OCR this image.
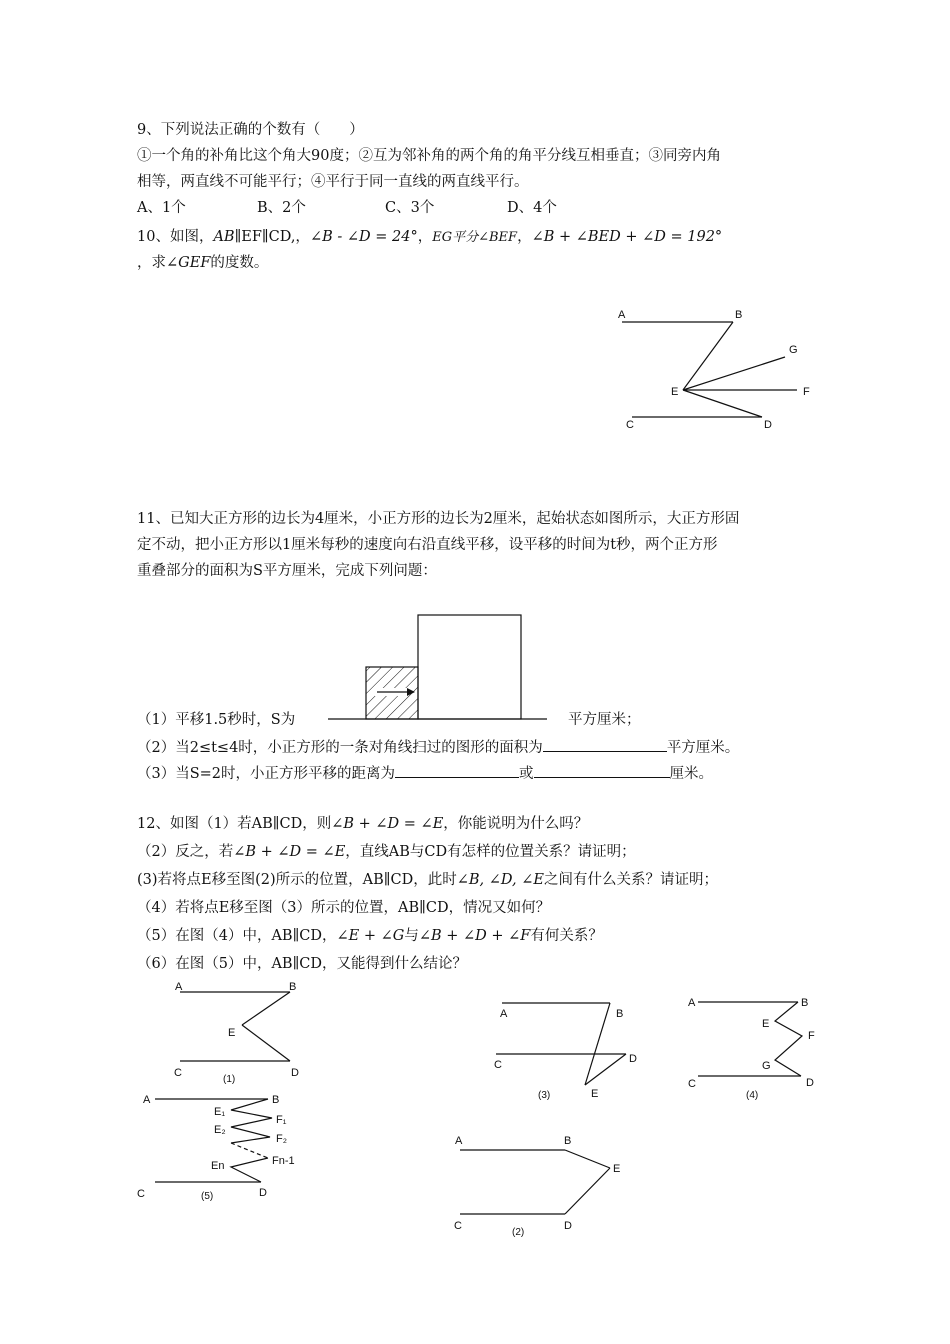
9、下列说法正确的个数有（　　）
①一个角的补角比这个角大90度；②互为邻补角的两个角的角平分线互相垂直；③同旁内角
相等，两直线不可能平行；④平行于同一直线的两直线平行。
A、1个	B、2个	C、3个	D、4个
10、如图，AB∥EF∥CD,，∠B - ∠D = 24°，EG平分∠BEF，∠B + ∠BED + ∠D = 192°
，求∠GEF的度数。
A	B
G
E	F
C	D
11、已知大正方形的边长为4厘米，小正方形的边长为2厘米，起始状态如图所示，大正方形固
定不动，把小正方形以1厘米每秒的速度向右沿直线平移，设平移的时间为t秒，两个正方形
重叠部分的面积为S平方厘米，完成下列问题：
（1）平移1.5秒时，S为	平方厘米；
（2）当2≤t≤4时，小正方形的一条对角线扫过的图形的面积为	平方厘米。
（3）当S=2时，小正方形平移的距离为	或	厘米。
12、如图（1）若AB∥CD，则∠B + ∠D = ∠E，你能说明为什么吗？
（2）反之，若∠B + ∠D = ∠E，直线AB与CD有怎样的位置关系？请证明；
(3)若将点E移至图(2)所示的位置，AB∥CD，此时∠B, ∠D, ∠E之间有什么关系？请证明；
（4）若将点E移至图（3）所示的位置，AB∥CD，情况又如何？
（5）在图（4）中，AB∥CD，∠E + ∠G与∠B + ∠D + ∠F有何关系？
（6）在图（5）中，AB∥CD，又能得到什么结论？
A	B
E
C	D
(1)
A	B
C	D
E
(3)
A	B
E
F
G
C	D
(4)
A	B
E₁
F₁
E₂
F₂
Fn-1
En
C	D
(5)
A	B
E
C	D
(2)
